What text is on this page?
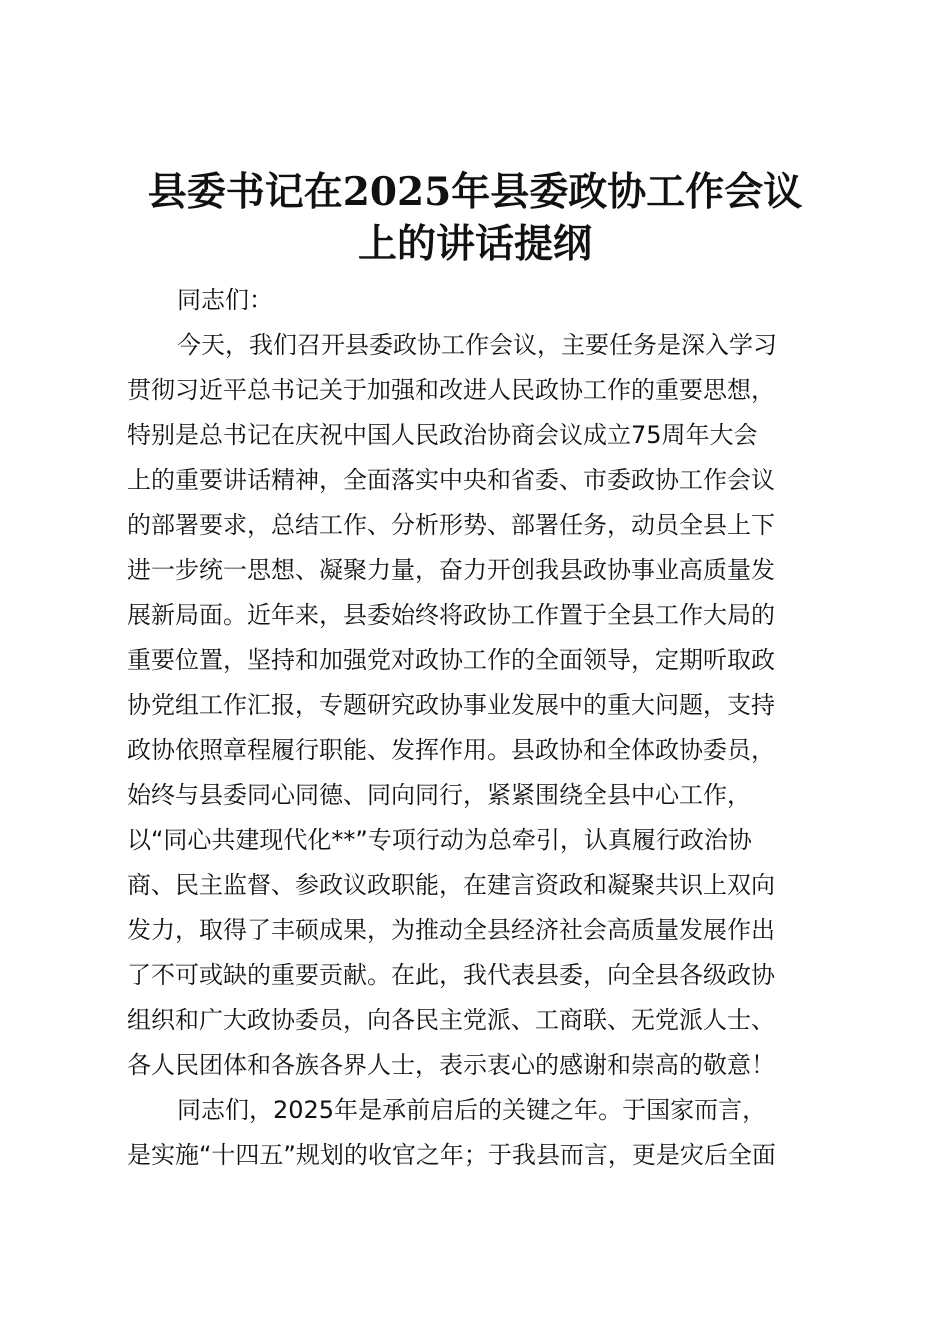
县委书记在2025年县委政协工作会议
上的讲话提纲
同志们：
今天，我们召开县委政协工作会议，主要任务是深入学习
贯彻习近平总书记关于加强和改进人民政协工作的重要思想，
特别是总书记在庆祝中国人民政治协商会议成立75周年大会
上的重要讲话精神，全面落实中央和省委、市委政协工作会议
的部署要求，总结工作、分析形势、部署任务，动员全县上下
进一步统一思想、凝聚力量，奋力开创我县政协事业高质量发
展新局面。近年来，县委始终将政协工作置于全县工作大局的
重要位置，坚持和加强党对政协工作的全面领导，定期听取政
协党组工作汇报，专题研究政协事业发展中的重大问题，支持
政协依照章程履行职能、发挥作用。县政协和全体政协委员，
始终与县委同心同德、同向同行，紧紧围绕全县中心工作，
以“同心共建现代化**”专项行动为总牵引，认真履行政治协
商、民主监督、参政议政职能，在建言资政和凝聚共识上双向
发力，取得了丰硕成果，为推动全县经济社会高质量发展作出
了不可或缺的重要贡献。在此，我代表县委，向全县各级政协
组织和广大政协委员，向各民主党派、工商联、无党派人士、
各人民团体和各族各界人士，表示衷心的感谢和崇高的敬意！
同志们，2025年是承前启后的关键之年。于国家而言，
是实施“十四五”规划的收官之年；于我县而言，更是灾后全面
